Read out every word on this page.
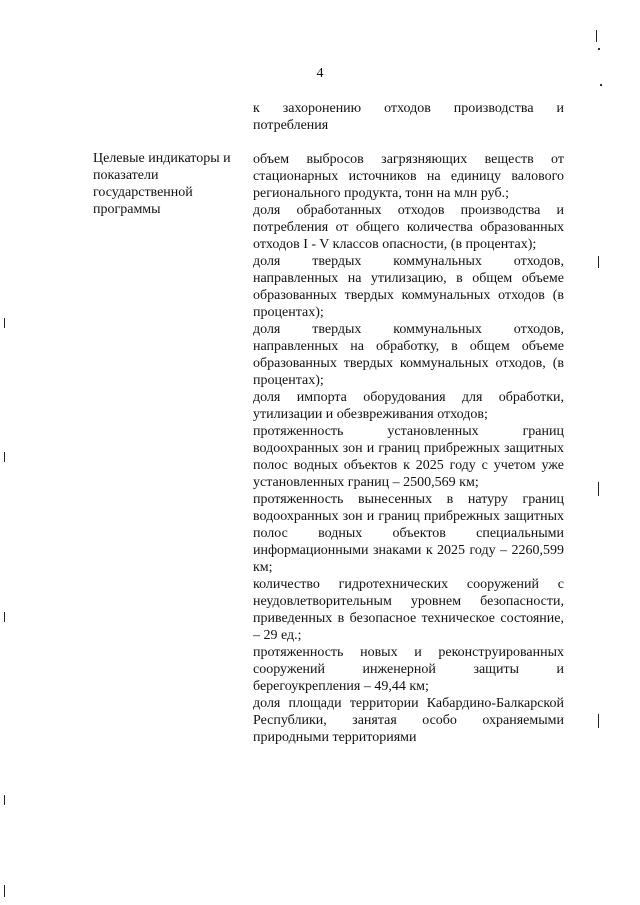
4

к захоронению отходов производства и потребления

Целевые индикаторы и показатели государственной программы

объем выбросов загрязняющих веществ от стационарных источников на единицу валового регионального продукта, тонн на млн руб.;

доля обработанных отходов производства и потребления от общего количества образованных отходов I - V классов опасности, (в процентах);

доля твердых коммунальных отходов, направленных на утилизацию, в общем объеме образованных твердых коммунальных отходов (в процентах);

доля твердых коммунальных отходов, направленных на обработку, в общем объеме образованных твердых коммунальных отходов, (в процентах);

доля импорта оборудования для обработки, утилизации и обезвреживания отходов;

протяженность установленных границ водоохранных зон и границ прибрежных защитных полос водных объектов к 2025 году с учетом уже установленных границ – 2500,569 км;

протяженность вынесенных в натуру границ водоохранных зон и границ прибрежных защитных полос водных объектов специальными информационными знаками к 2025 году – 2260,599 км;

количество гидротехнических сооружений с неудовлетворительным уровнем безопасности, приведенных в безопасное техническое состояние, – 29 ед.;

протяженность новых и реконструированных сооружений инженерной защиты и берегоукрепления – 49,44 км;

доля площади территории Кабардино-Балкарской Республики, занятая особо охраняемыми природными территориями
